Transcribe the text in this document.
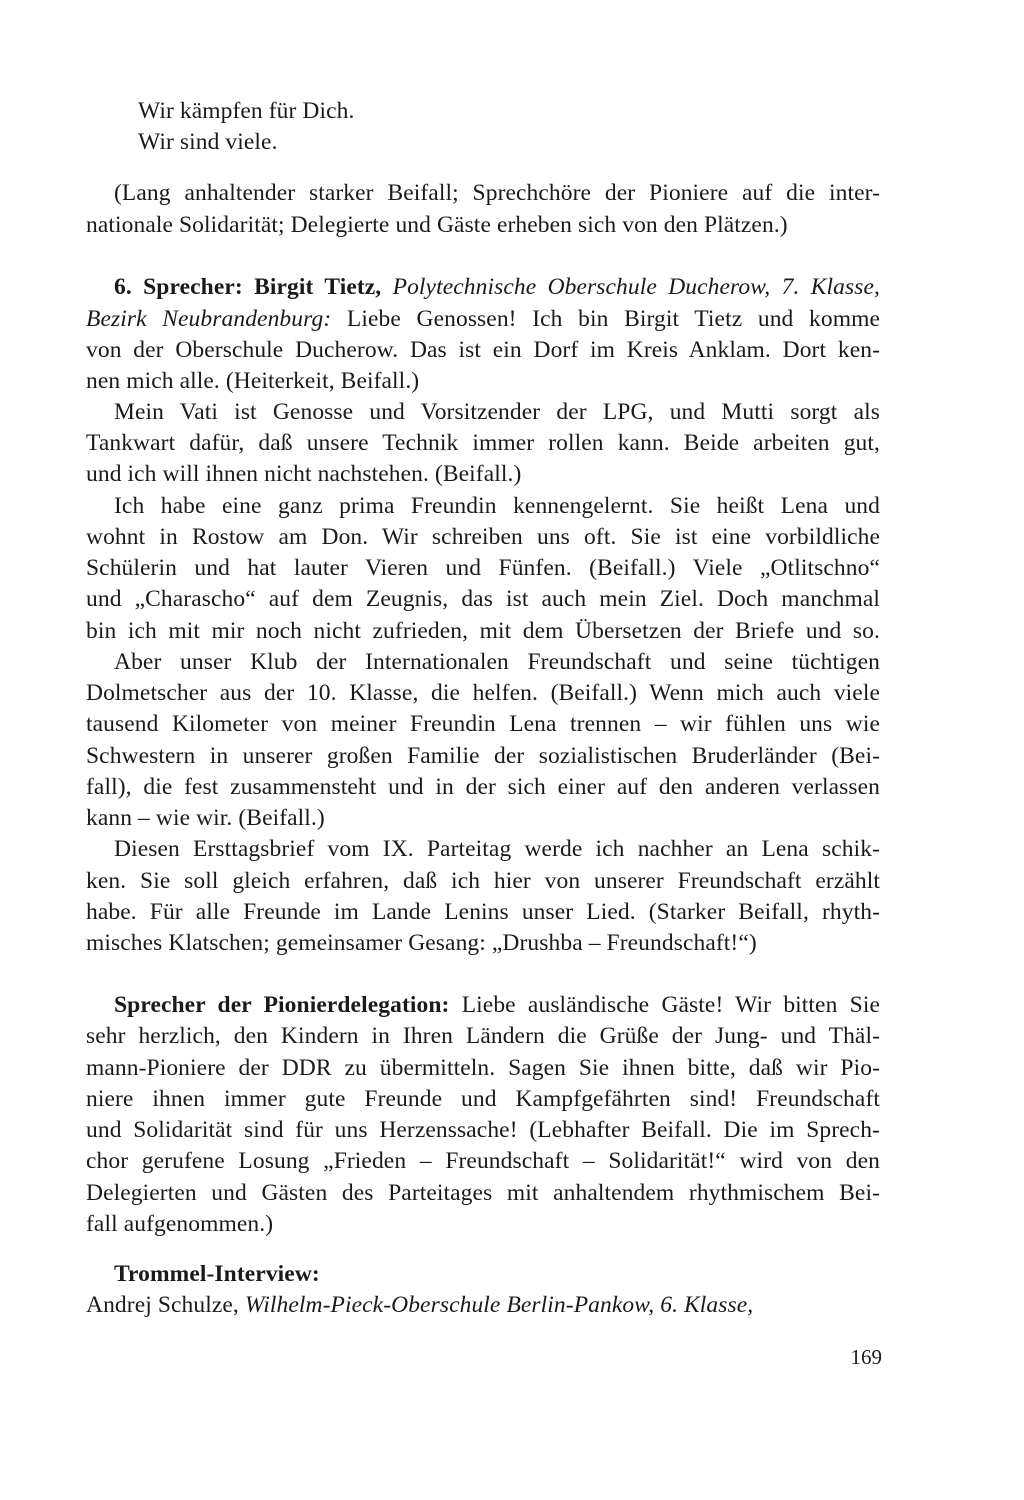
Wir kämpfen für Dich.
Wir sind viele.
(Lang anhaltender starker Beifall; Sprechchöre der Pioniere auf die inter-
nationale Solidarität; Delegierte und Gäste erheben sich von den Plätzen.)
6. Sprecher: Birgit Tietz, Polytechnische Oberschule Ducherow, 7. Klasse,
Bezirk Neubrandenburg: Liebe Genossen! Ich bin Birgit Tietz und komme
von der Oberschule Ducherow. Das ist ein Dorf im Kreis Anklam. Dort ken-
nen mich alle. (Heiterkeit, Beifall.)
Mein Vati ist Genosse und Vorsitzender der LPG, und Mutti sorgt als
Tankwart dafür, daß unsere Technik immer rollen kann. Beide arbeiten gut,
und ich will ihnen nicht nachstehen. (Beifall.)
Ich habe eine ganz prima Freundin kennengelernt. Sie heißt Lena und
wohnt in Rostow am Don. Wir schreiben uns oft. Sie ist eine vorbildliche
Schülerin und hat lauter Vieren und Fünfen. (Beifall.) Viele „Otlitschno“
und „Charascho“ auf dem Zeugnis, das ist auch mein Ziel. Doch manchmal
bin ich mit mir noch nicht zufrieden, mit dem Übersetzen der Briefe und so.
Aber unser Klub der Internationalen Freundschaft und seine tüchtigen
Dolmetscher aus der 10. Klasse, die helfen. (Beifall.) Wenn mich auch viele
tausend Kilometer von meiner Freundin Lena trennen – wir fühlen uns wie
Schwestern in unserer großen Familie der sozialistischen Bruderländer (Bei-
fall), die fest zusammensteht und in der sich einer auf den anderen verlassen
kann – wie wir. (Beifall.)
Diesen Ersttagsbrief vom IX. Parteitag werde ich nachher an Lena schik-
ken. Sie soll gleich erfahren, daß ich hier von unserer Freundschaft erzählt
habe. Für alle Freunde im Lande Lenins unser Lied. (Starker Beifall, rhyth-
misches Klatschen; gemeinsamer Gesang: „Drushba – Freundschaft!“)
Sprecher der Pionierdelegation: Liebe ausländische Gäste! Wir bitten Sie
sehr herzlich, den Kindern in Ihren Ländern die Grüße der Jung- und Thäl-
mann-Pioniere der DDR zu übermitteln. Sagen Sie ihnen bitte, daß wir Pio-
niere ihnen immer gute Freunde und Kampfgefährten sind! Freundschaft
und Solidarität sind für uns Herzenssache! (Lebhafter Beifall. Die im Sprech-
chor gerufene Losung „Frieden – Freundschaft – Solidarität!“ wird von den
Delegierten und Gästen des Parteitages mit anhaltendem rhythmischem Bei-
fall aufgenommen.)
Trommel-Interview:
Andrej Schulze, Wilhelm-Pieck-Oberschule Berlin-Pankow, 6. Klasse,
169
